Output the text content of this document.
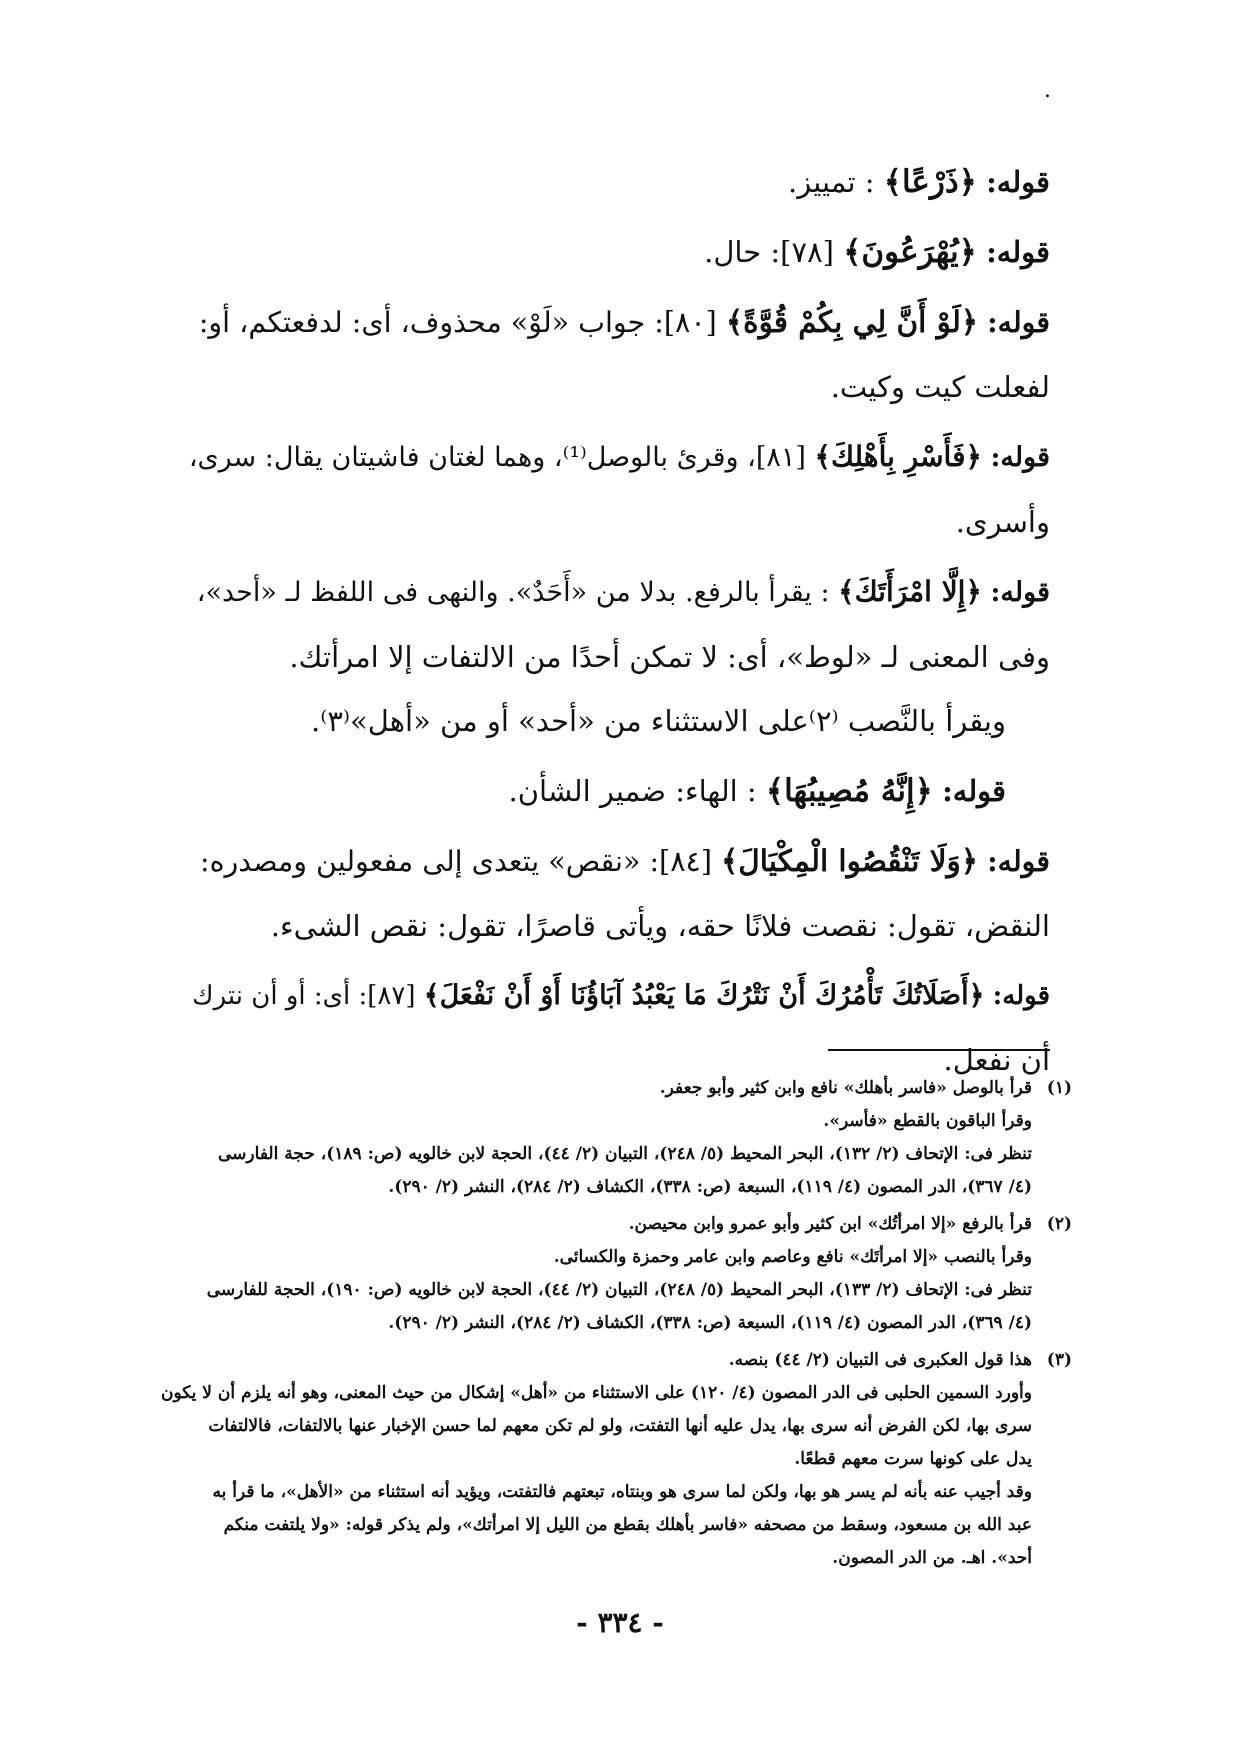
.
قوله: ﴿ذَرْعًا﴾ : تمييز.
قوله: ﴿يُهْرَعُونَ﴾ [٧٨]: حال.
قوله: ﴿لَوْ أَنَّ لِي بِكُمْ قُوَّةً﴾ [٨٠]: جواب «لَوْ» محذوف، أى: لدفعتكم، أو:
لفعلت كيت وكيت.
قوله: ﴿فَأَسْرِ بِأَهْلِكَ﴾ [٨١]، وقرئ بالوصل⁽¹⁾، وهما لغتان فاشيتان يقال: سرى،
وأسرى.
قوله: ﴿إِلَّا امْرَأَتَكَ﴾ : يقرأ بالرفع. بدلا من «أَحَدٌ». والنهى فى اللفظ لـ «أحد»،
وفى المعنى لـ «لوط»، أى: لا تمكن أحدًا من الالتفات إلا امرأتك.
ويقرأ بالنَّصب ⁽٢⁾على الاستثناء من «أحد» أو من «أهل»⁽٣⁾.
قوله: ﴿إِنَّهُ مُصِيبُهَا﴾ : الهاء: ضمير الشأن.
قوله: ﴿وَلَا تَنْقُصُوا الْمِكْيَالَ﴾ [٨٤]: «نقص» يتعدى إلى مفعولين ومصدره:
النقض، تقول: نقصت فلانًا حقه، ويأتى قاصرًا، تقول: نقص الشىء.
قوله: ﴿أَصَلَاتُكَ تَأْمُرُكَ أَنْ نَتْرُكَ مَا يَعْبُدُ آبَاؤُنَا أَوْ أَنْ نَفْعَلَ﴾ [٨٧]: أى: أو أن نترك
أن نفعل.
(١)
قرأ بالوصل «فاسر بأهلك» نافع وابن كثير وأبو جعفر.
وقرأ الباقون بالقطع «فأسر».
تنظر فى: الإتحاف (٢/ ١٣٢)، البحر المحيط (٥/ ٢٤٨)، التبيان (٢/ ٤٤)، الحجة لابن خالويه (ص: ١٨٩)، حجة الفارسى
(٤/ ٣٦٧)، الدر المصون (٤/ ١١٩)، السبعة (ص: ٣٣٨)، الكشاف (٢/ ٢٨٤)، النشر (٢/ ٢٩٠).
(٢)
قرأ بالرفع «إلا امرأتُك» ابن كثير وأبو عمرو وابن محيصن.
وقرأ بالنصب «إلا امرأتَك» نافع وعاصم وابن عامر وحمزة والكسائى.
تنظر فى: الإتحاف (٢/ ١٣٣)، البحر المحيط (٥/ ٢٤٨)، التبيان (٢/ ٤٤)، الحجة لابن خالويه (ص: ١٩٠)، الحجة للفارسى
(٤/ ٣٦٩)، الدر المصون (٤/ ١١٩)، السبعة (ص: ٣٣٨)، الكشاف (٢/ ٢٨٤)، النشر (٢/ ٢٩٠).
(٣)
هذا قول العكبرى فى التبيان (٢/ ٤٤) بنصه.
وأورد السمين الحلبى فى الدر المصون (٤/ ١٢٠) على الاستثناء من «أهل» إشكال من حيث المعنى، وهو أنه يلزم أن لا يكون
سرى بها، لكن الفرض أنه سرى بها، يدل عليه أنها التفتت، ولو لم تكن معهم لما حسن الإخبار عنها بالالتفات، فالالتفات
يدل على كونها سرت معهم قطعًا.
وقد أجيب عنه بأنه لم يسر هو بها، ولكن لما سرى هو وبنتاه، تبعتهم فالتفتت، ويؤيد أنه استثناء من «الأهل»، ما قرأ به
عبد الله بن مسعود، وسقط من مصحفه «فاسر بأهلك بقطع من الليل إلا امرأتك»، ولم يذكر قوله: «ولا يلتفت منكم
أحد». اهـ. من الدر المصون.
- ٣٣٤ -
